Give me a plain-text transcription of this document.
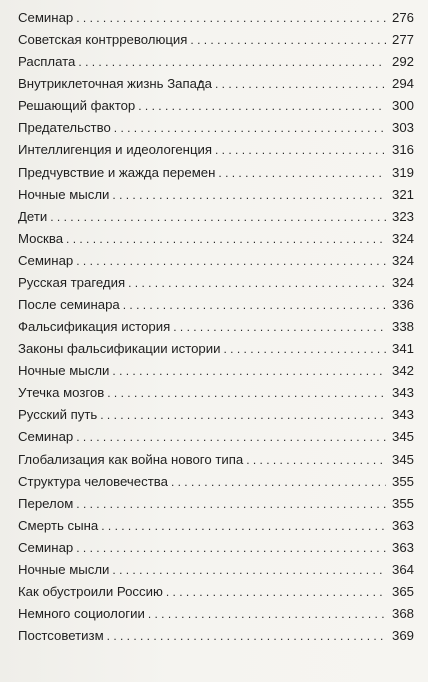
Семинар . . .	276
Советская контрреволюция . . .	277
Расплата . . .	292
Внутриклеточная жизнь Запада . . .	294
Решающий фактор . . .	300
Предательство . . .	303
Интеллигенция и идеологенция . . .	316
Предчувствие и жажда перемен . . .	319
Ночные мысли . . .	321
Дети . . .	323
Москва . . .	324
Семинар . . .	324
Русская трагедия . . .	324
После семинара . . .	336
Фальсификация история . . .	338
Законы фальсификации истории . . .	341
Ночные мысли . . .	342
Утечка мозгов . . .	343
Русский путь . . .	343
Семинар . . .	345
Глобализация как война нового типа . . .	345
Структура человечества . . .	355
Перелом . . .	355
Смерть сына . . .	363
Семинар . . .	363
Ночные мысли . . .	364
Как обустроили Россию . . .	365
Немного социологии . . .	368
Постсоветизм . . .	369
